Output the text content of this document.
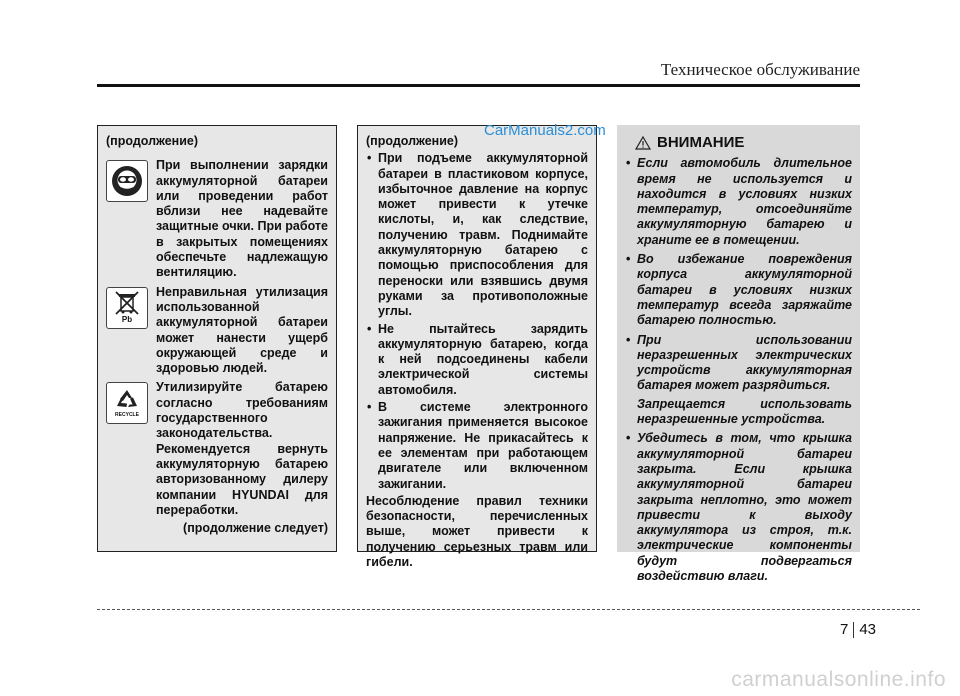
Техническое обслуживание
(продолжение)
При выполнении зарядки аккумуляторной батареи или проведении работ вблизи нее надевайте защитные очки. При работе в закрытых помещениях обеспечьте надлежащую вентиляцию.
Pb
Неправильная утилизация использованной аккумуляторной батареи может нанести ущерб окружающей среде и здоровью людей.
RECYCLE
Утилизируйте батарею согласно требованиям государственного законодательства. Рекомендуется вернуть аккумуляторную батарею авторизованному дилеру компании HYUNDAI для переработки.
(продолжение следует)
(продолжение)
• При подъеме аккумуляторной батареи в пластиковом корпусе, избыточное давление на корпус может привести к утечке кислоты, и, как следствие, получению травм. Поднимайте аккумуляторную батарею с помощью приспособления для переноски или взявшись двумя руками за противоположные углы.
• Не пытайтесь зарядить аккумуляторную батарею, когда к ней подсоединены кабели электрической системы автомобиля.
• В системе электронного зажигания применяется высокое напряжение. Не прикасайтесь к ее элементам при работающем двигателе или включенном зажигании.
Несоблюдение правил техники безопасности, перечисленных выше, может привести к получению серьезных травм или гибели.
CarManuals2.com
ВНИМАНИЕ
• Если автомобиль длительное время не используется и находится в условиях низких температур, отсоединяйте аккумуляторную батарею и храните ее в помещении.
• Во избежание повреждения корпуса аккумуляторной батареи в условиях низких температур всегда заряжайте батарею полностью.
• При использовании неразрешенных электрических устройств аккумуляторная батарея может разрядиться.
Запрещается использовать неразрешенные устройства.
• Убедитесь в том, что крышка аккумуляторной батареи закрыта. Если крышка аккумуляторной батареи закрыта неплотно, это может привести к выходу аккумулятора из строя, т.к. электрические компоненты будут подвергаться воздействию влаги.
7 43
carmanualsonline.info
